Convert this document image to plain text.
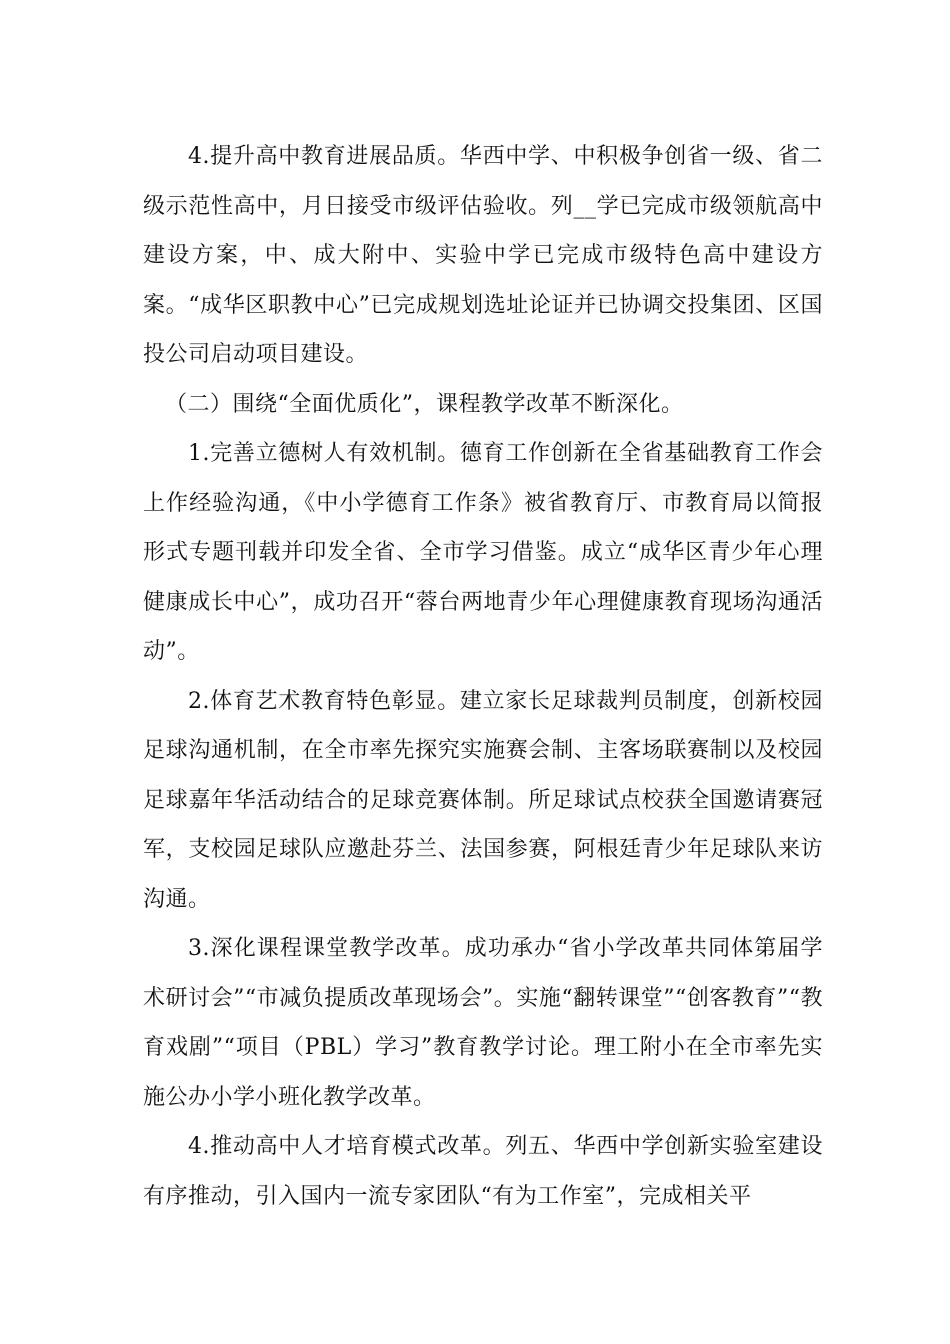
4.提升高中教育进展品质。华西中学、中积极争创省一级、省二级示范性高中，月日接受市级评估验收。列__学已完成市级领航高中建设方案，中、成大附中、实验中学已完成市级特色高中建设方案。“成华区职教中心”已完成规划选址论证并已协调交投集团、区国投公司启动项目建设。

（二）围绕“全面优质化”，课程教学改革不断深化。

1.完善立德树人有效机制。德育工作创新在全省基础教育工作会上作经验沟通，《中小学德育工作条》被省教育厅、市教育局以简报形式专题刊载并印发全省、全市学习借鉴。成立“成华区青少年心理健康成长中心”，成功召开“蓉台两地青少年心理健康教育现场沟通活动”。

2.体育艺术教育特色彰显。建立家长足球裁判员制度，创新校园足球沟通机制，在全市率先探究实施赛会制、主客场联赛制以及校园足球嘉年华活动结合的足球竞赛体制。所足球试点校获全国邀请赛冠军，支校园足球队应邀赴芬兰、法国参赛，阿根廷青少年足球队来访沟通。

3.深化课程课堂教学改革。成功承办“省小学改革共同体第届学术研讨会”“市减负提质改革现场会”。实施“翻转课堂”“创客教育”“教育戏剧”“项目（PBL）学习”教育教学讨论。理工附小在全市率先实施公办小学小班化教学改革。

4.推动高中人才培育模式改革。列五、华西中学创新实验室建设有序推动，引入国内一流专家团队“有为工作室”，完成相关平
